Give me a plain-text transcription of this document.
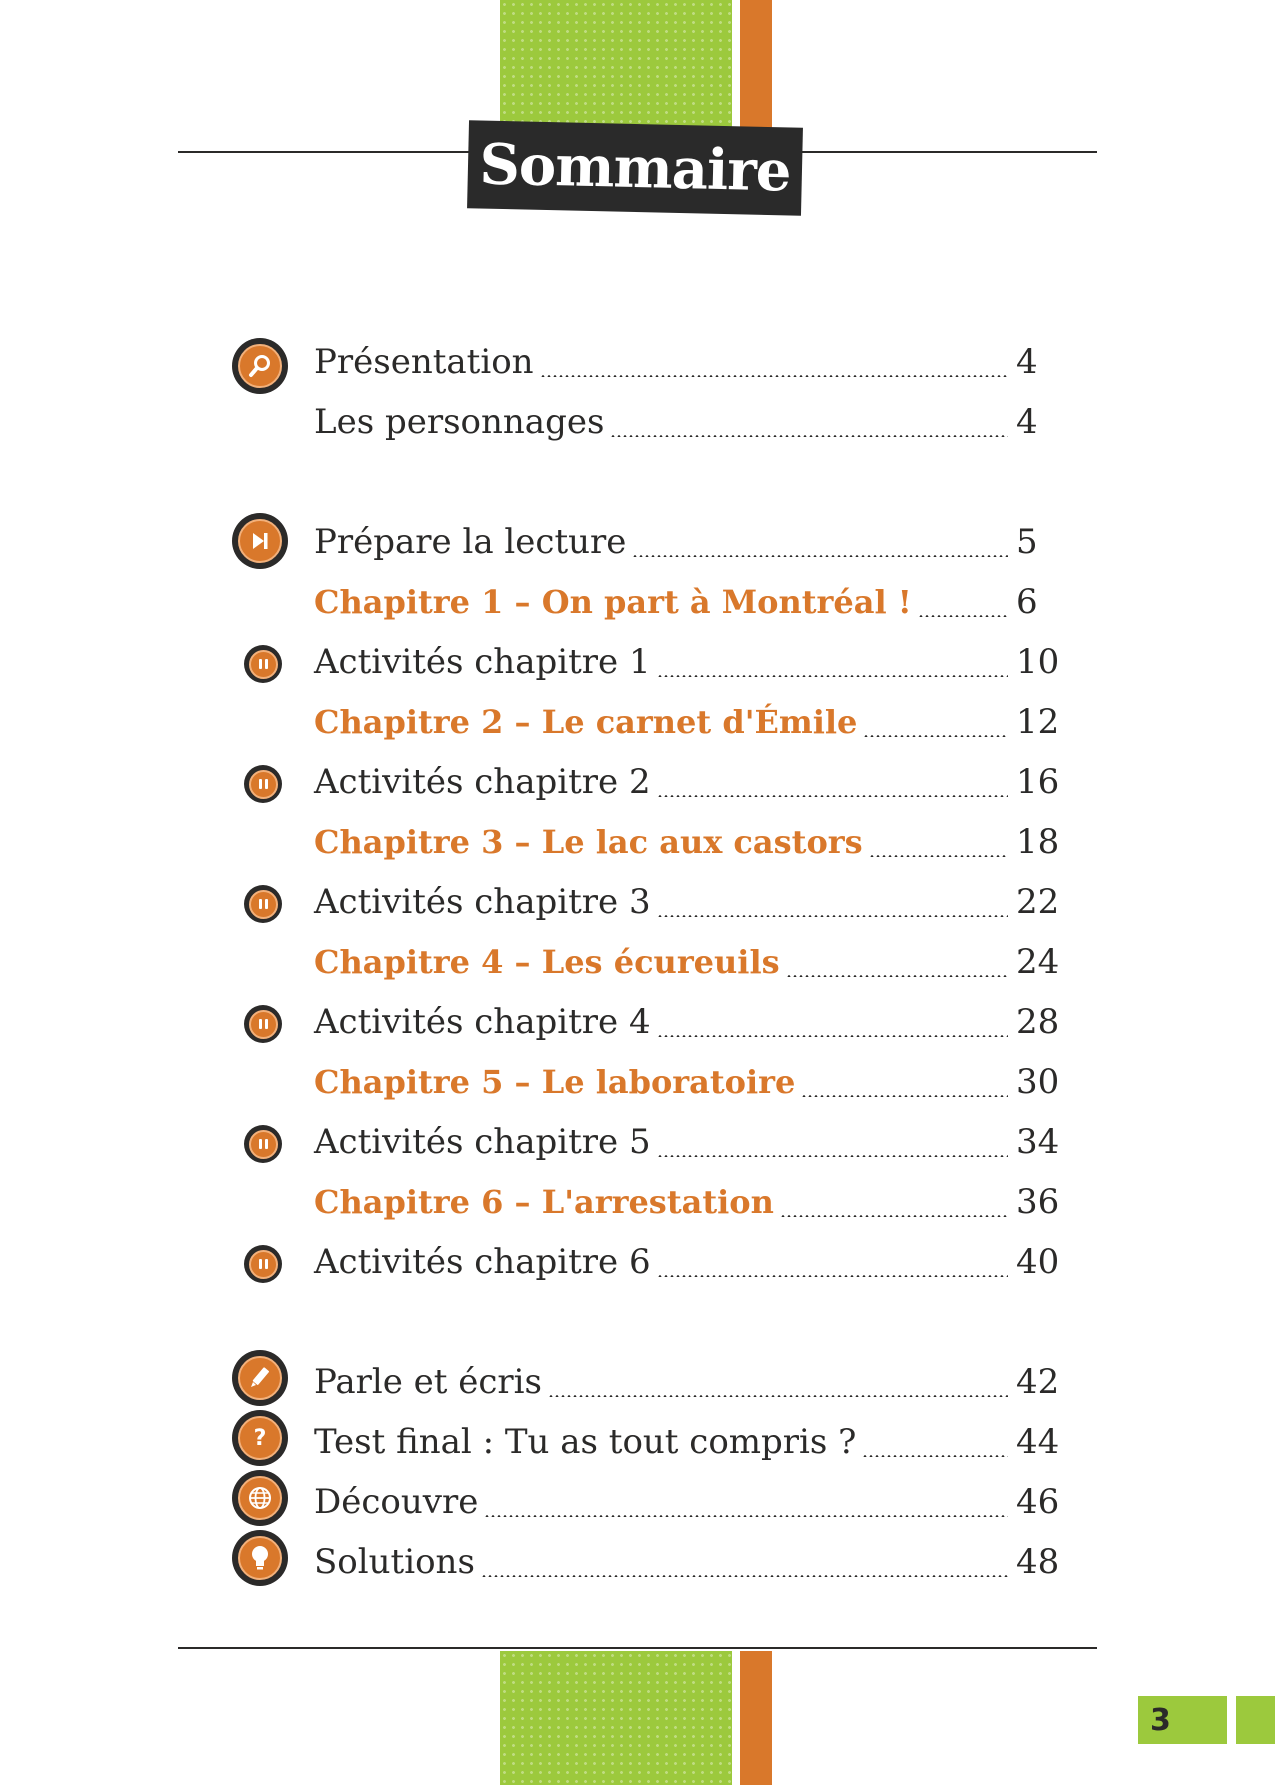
Sommaire
Présentation	4
Les personnages	4
Prépare la lecture	5
Chapitre 1 – On part à Montréal !	6
Activités chapitre 1	10
Chapitre 2 – Le carnet d'Émile	12
Activités chapitre 2	16
Chapitre 3 – Le lac aux castors	18
Activités chapitre 3	22
Chapitre 4 – Les écureuils	24
Activités chapitre 4	28
Chapitre 5 – Le laboratoire	30
Activités chapitre 5	34
Chapitre 6 – L'arrestation	36
Activités chapitre 6	40
Parle et écris	42
?	Test final : Tu as tout compris ?	44
Découvre	46
Solutions	48
3
